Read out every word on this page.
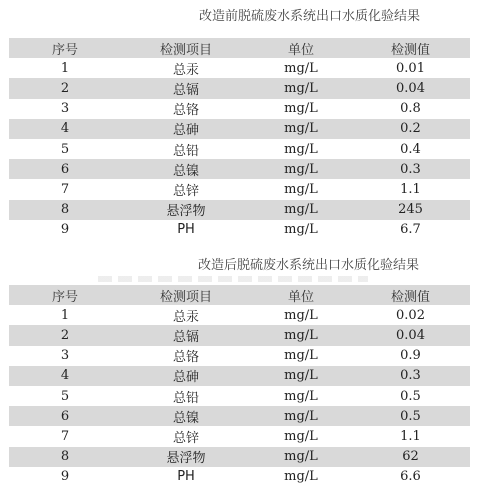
改造前脱硫废水系统出口水质化验结果
序号	检测项目	单位	检测值
1	总汞	mg/L	0.01
2	总镉	mg/L	0.04
3	总铬	mg/L	0.8
4	总砷	mg/L	0.2
5	总铅	mg/L	0.4
6	总镍	mg/L	0.3
7	总锌	mg/L	1.1
8	悬浮物	mg/L	245
9	PH	mg/L	6.7
改造后脱硫废水系统出口水质化验结果
序号	检测项目	单位	检测值
1	总汞	mg/L	0.02
2	总镉	mg/L	0.04
3	总铬	mg/L	0.9
4	总砷	mg/L	0.3
5	总铅	mg/L	0.5
6	总镍	mg/L	0.5
7	总锌	mg/L	1.1
8	悬浮物	mg/L	62
9	PH	mg/L	6.6
